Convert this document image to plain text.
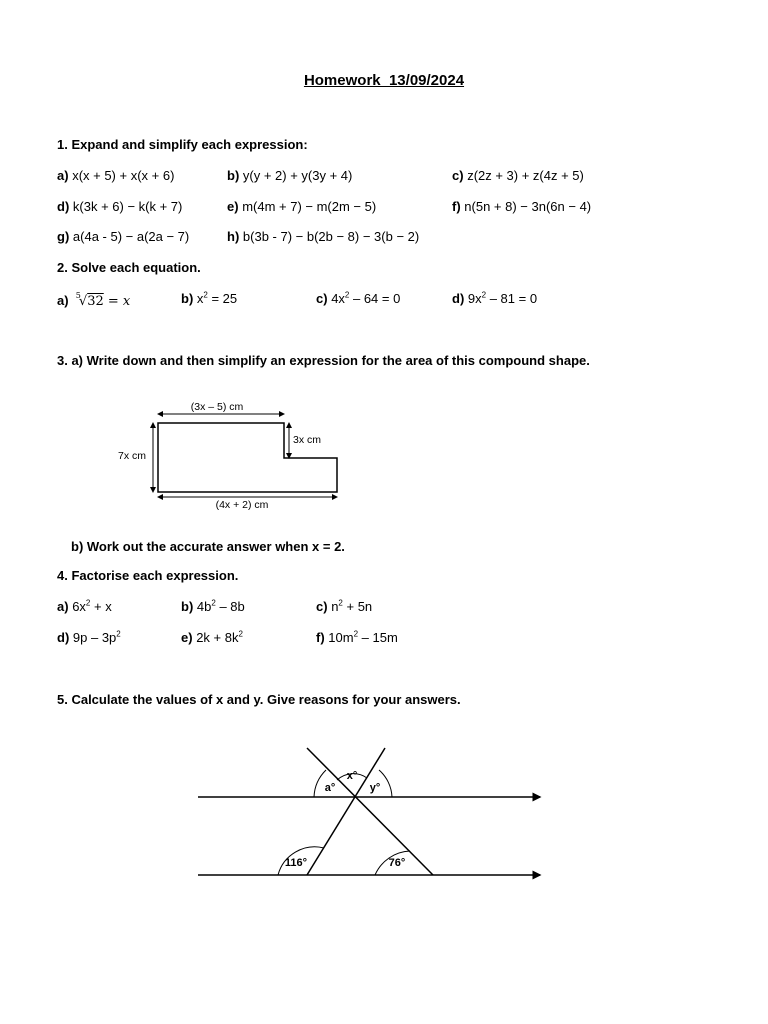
Homework_13/09/2024
1. Expand and simplify each expression:
a) x(x + 5) + x(x + 6)	b) y(y + 2) + y(3y + 4)	c) z(2z + 3) + z(4z + 5)
d) k(3k + 6) − k(k + 7)	e) m(4m + 7) − m(2m − 5)	f) n(5n + 8) − 3n(6n − 4)
g) a(4a - 5) − a(2a − 7)	h) b(3b - 7) − b(2b − 8) − 3(b − 2)
2. Solve each equation.
a) $^5$√32 = x	b) $x^2 = 25$	c) $4x^2 - 64 = 0$	d) $9x^2 - 81 = 0$
3. a) Write down and then simplify an expression for the area of this compound shape.
(3x – 5) cm
3x cm
7x cm
(4x + 2) cm
a°
x°
y°
116°	76°
b) Work out the accurate answer when x = 2.
4. Factorise each expression.
a) $6x^2 + x$	b) $4b^2 - 8b$	c) $n^2 + 5n$
d) $9p - 3p^2$	e) $2k + 8k^2$	f) $10m^2 - 15m$
5. Calculate the values of x and y. Give reasons for your answers.
